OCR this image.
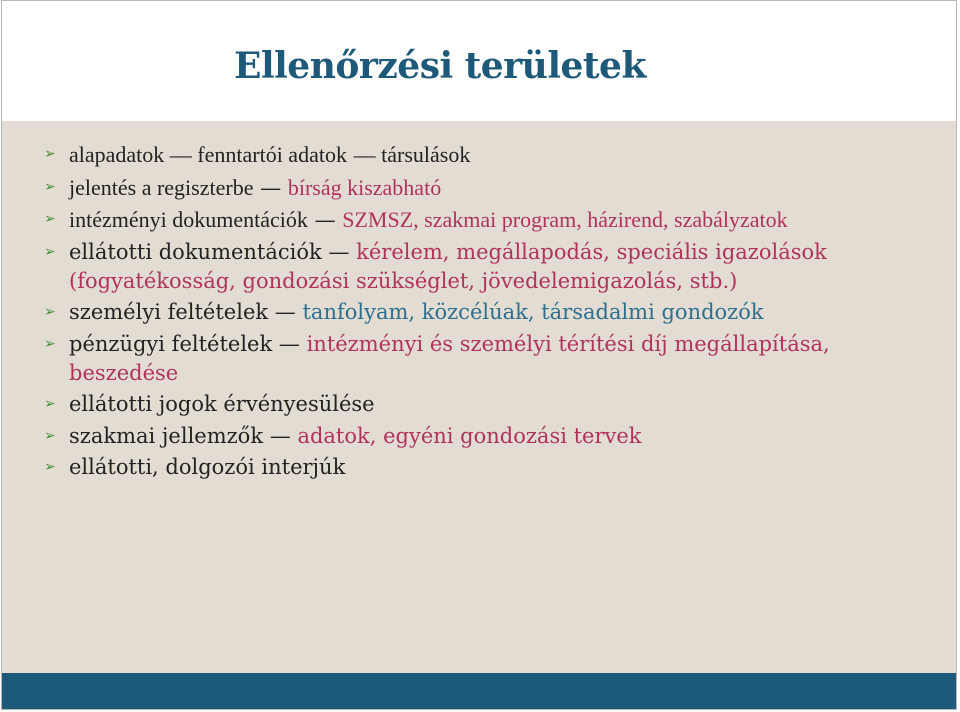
Ellenőrzési területek
➢ alapadatok — fenntartói adatok — társulások
➢ jelentés a regiszterbe — bírság kiszabható
➢ intézményi dokumentációk — SZMSZ, szakmai program, házirend, szabályzatok
➢ ellátotti dokumentációk — kérelem, megállapodás, speciális igazolások (fogyatékosság, gondozási szükséglet, jövedelemigazolás, stb.)
➢ személyi feltételek — tanfolyam, közcélúak, társadalmi gondozók
➢ pénzügyi feltételek — intézményi és személyi térítési díj megállapítása, beszedése
➢ ellátotti jogok érvényesülése
➢ szakmai jellemzők — adatok, egyéni gondozási tervek
➢ ellátotti, dolgozói interjúk
